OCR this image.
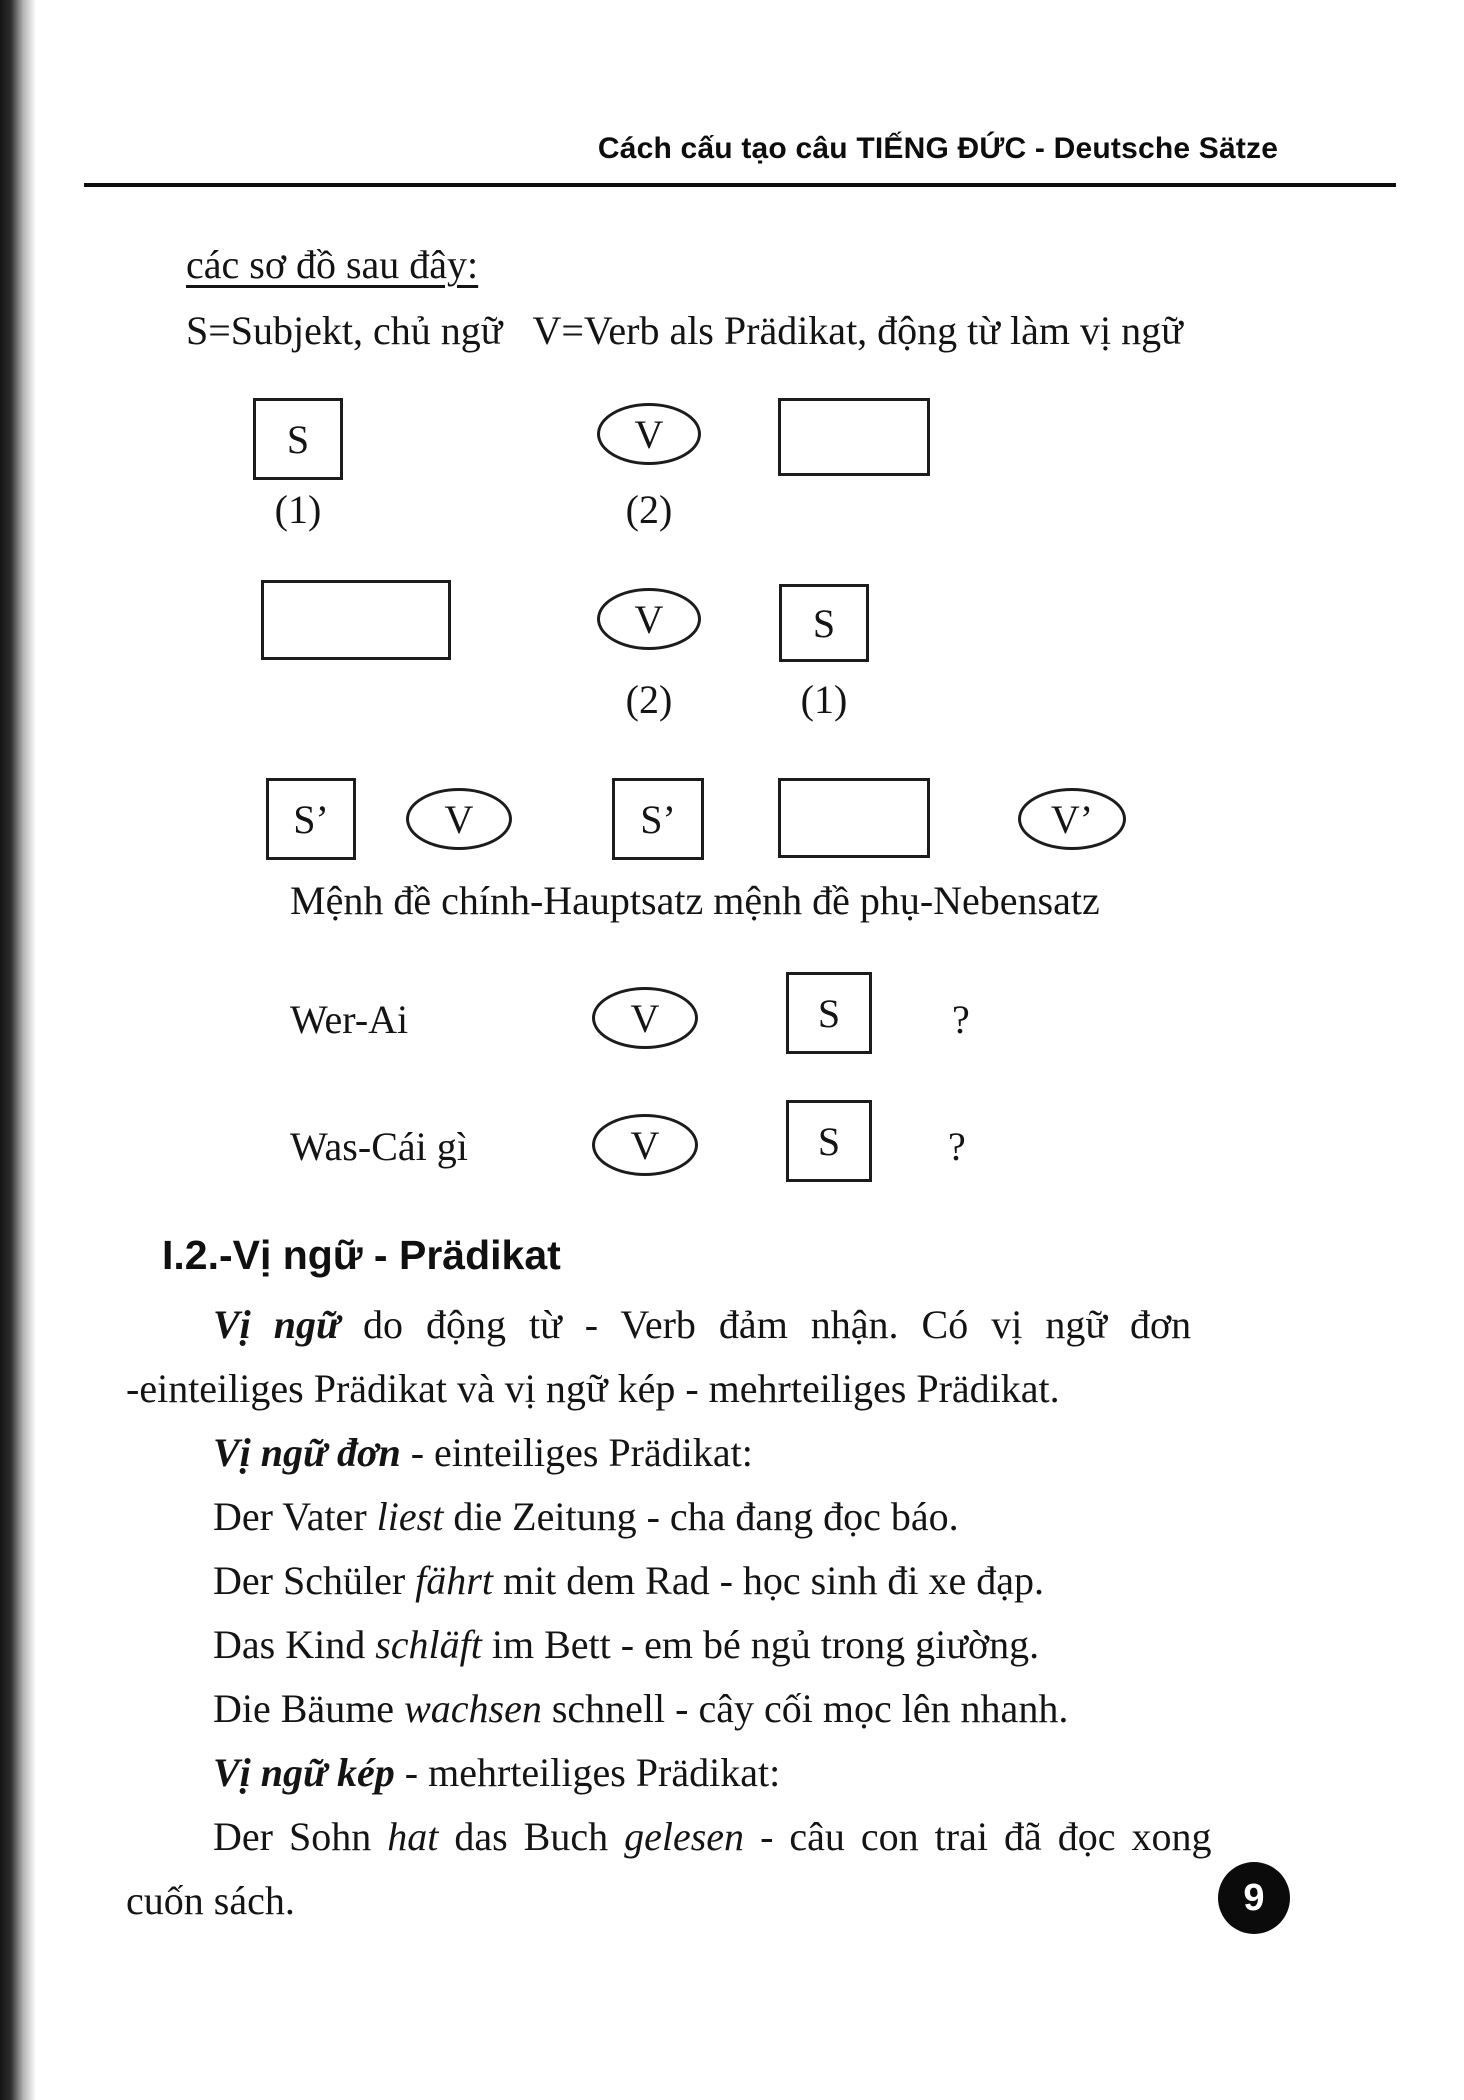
Cách cấu tạo câu TIẾNG ĐỨC - Deutsche Sätze
các sơ đồ sau đây:
S=Subjekt, chủ ngữ V=Verb als Prädikat, động từ làm vị ngữ
S
(1)
V
(2)
V
(2)
S
(1)
S’	V	S’	V’
Mệnh đề chính-Hauptsatz mệnh đề phụ-Nebensatz
Wer-Ai	V	S	?
Was-Cái gì	V	S	?
I.2.-Vị ngữ - Prädikat
Vị ngữ do động từ - Verb đảm nhận. Có vị ngữ đơn
-einteiliges Prädikat và vị ngữ kép - mehrteiliges Prädikat.
Vị ngữ đơn - einteiliges Prädikat:
Der Vater liest die Zeitung - cha đang đọc báo.
Der Schüler fährt mit dem Rad - học sinh đi xe đạp.
Das Kind schläft im Bett - em bé ngủ trong giường.
Die Bäume wachsen schnell - cây cối mọc lên nhanh.
Vị ngữ kép - mehrteiliges Prädikat:
Der Sohn hat das Buch gelesen - câu con trai đã đọc xong
cuốn sách.	9
